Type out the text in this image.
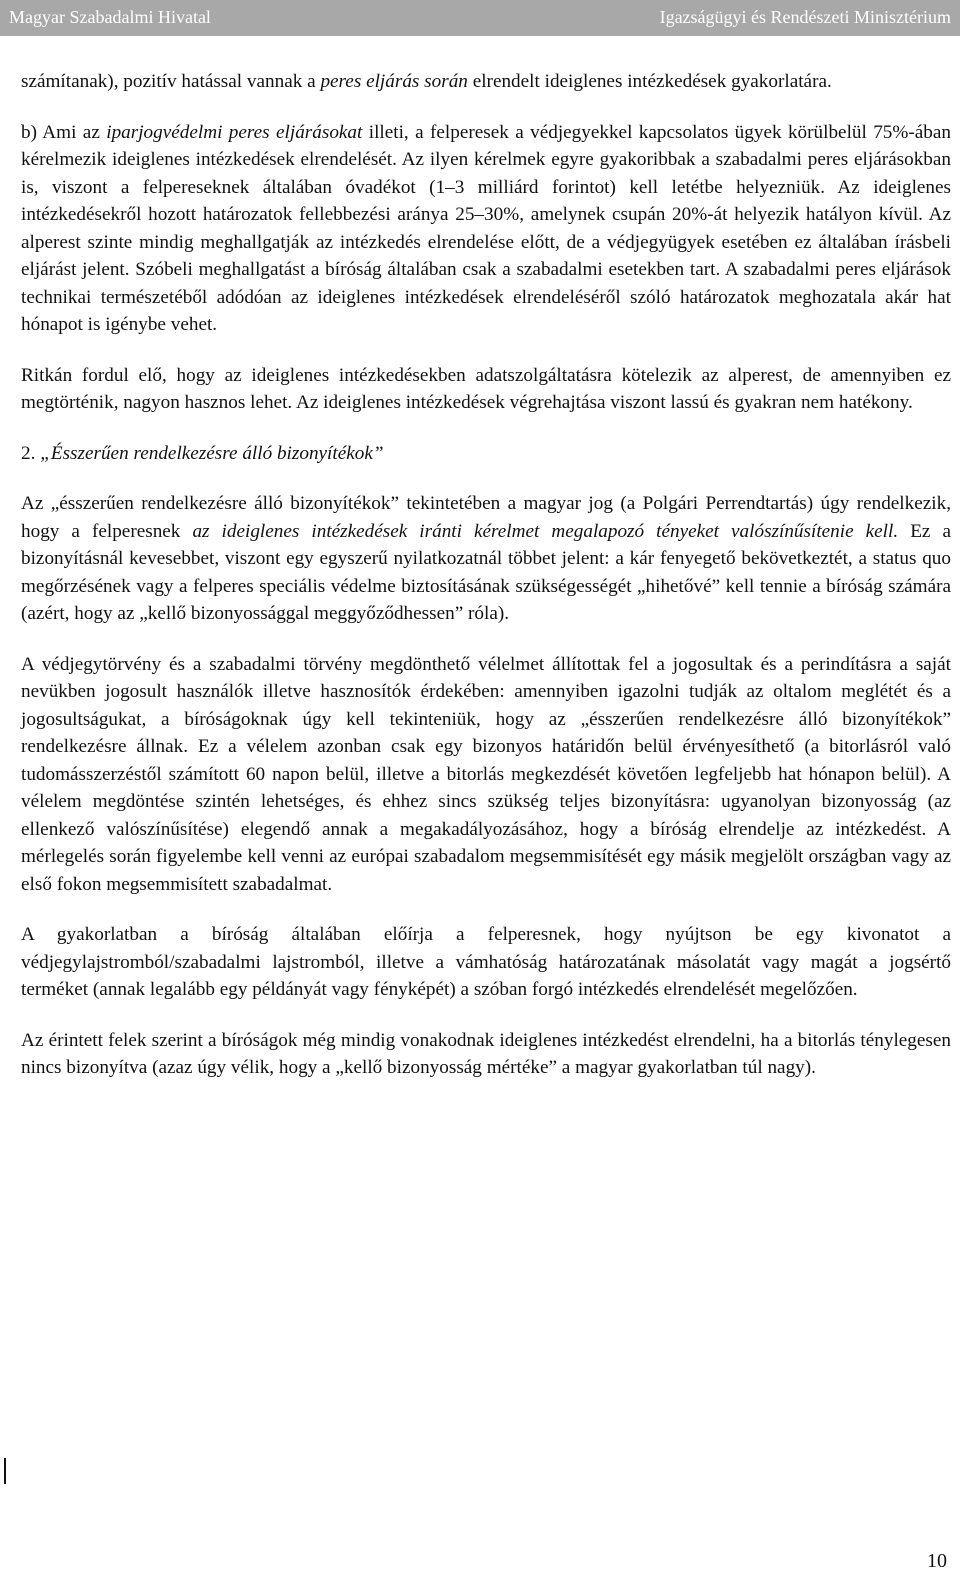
Magyar Szabadalmi Hivatal	Igazságügyi és Rendészeti Minisztérium

számítanak), pozitív hatással vannak a peres eljárás során elrendelt ideiglenes intézkedések gyakorlatára.

b) Ami az iparjogvédelmi peres eljárásokat illeti, a felperesek a védjegyekkel kapcsolatos ügyek körülbelül 75%-ában kérelmezik ideiglenes intézkedések elrendelését. Az ilyen kérelmek egyre gyakoribbak a szabadalmi peres eljárásokban is, viszont a felpereseknek általában óvadékot (1–3 milliárd forintot) kell letétbe helyezniük. Az ideiglenes intézkedésekről hozott határozatok fellebbezési aránya 25–30%, amelynek csupán 20%-át helyezik hatályon kívül. Az alperest szinte mindig meghallgatják az intézkedés elrendelése előtt, de a védjegyügyek esetében ez általában írásbeli eljárást jelent. Szóbeli meghallgatást a bíróság általában csak a szabadalmi esetekben tart. A szabadalmi peres eljárások technikai természetéből adódóan az ideiglenes intézkedések elrendeléséről szóló határozatok meghozatala akár hat hónapot is igénybe vehet.

Ritkán fordul elő, hogy az ideiglenes intézkedésekben adatszolgáltatásra kötelezik az alperest, de amennyiben ez megtörténik, nagyon hasznos lehet. Az ideiglenes intézkedések végrehajtása viszont lassú és gyakran nem hatékony.

2. „Ésszerűen rendelkezésre álló bizonyítékok”

Az „ésszerűen rendelkezésre álló bizonyítékok” tekintetében a magyar jog (a Polgári Perrendtartás) úgy rendelkezik, hogy a felperesnek az ideiglenes intézkedések iránti kérelmet megalapozó tényeket valószínűsítenie kell. Ez a bizonyításnál kevesebbet, viszont egy egyszerű nyilatkozatnál többet jelent: a kár fenyegető bekövetkeztét, a status quo megőrzésének vagy a felperes speciális védelme biztosításának szükségességét „hihetővé” kell tennie a bíróság számára (azért, hogy az „kellő bizonyossággal meggyőződhessen” róla).

A védjegytörvény és a szabadalmi törvény megdönthető vélelmet állítottak fel a jogosultak és a perindításra a saját nevükben jogosult használók illetve hasznosítók érdekében: amennyiben igazolni tudják az oltalom meglétét és a jogosultságukat, a bíróságoknak úgy kell tekinteniük, hogy az „ésszerűen rendelkezésre álló bizonyítékok” rendelkezésre állnak. Ez a vélelem azonban csak egy bizonyos határidőn belül érvényesíthető (a bitorlásról való tudomásszerzéstől számított 60 napon belül, illetve a bitorlás megkezdését követően legfeljebb hat hónapon belül). A vélelem megdöntése szintén lehetséges, és ehhez sincs szükség teljes bizonyításra: ugyanolyan bizonyosság (az ellenkező valószínűsítése) elegendő annak a megakadályozásához, hogy a bíróság elrendelje az intézkedést. A mérlegelés során figyelembe kell venni az európai szabadalom megsemmisítését egy másik megjelölt országban vagy az első fokon megsemmisített szabadalmat.

A gyakorlatban a bíróság általában előírja a felperesnek, hogy nyújtson be egy kivonatot a védjegylajstromból/szabadalmi lajstromból, illetve a vámhatóság határozatának másolatát vagy magát a jogsértő terméket (annak legalább egy példányát vagy fényképét) a szóban forgó intézkedés elrendelését megelőzően.

Az érintett felek szerint a bíróságok még mindig vonakodnak ideiglenes intézkedést elrendelni, ha a bitorlás ténylegesen nincs bizonyítva (azaz úgy vélik, hogy a „kellő bizonyosság mértéke” a magyar gyakorlatban túl nagy).

10
